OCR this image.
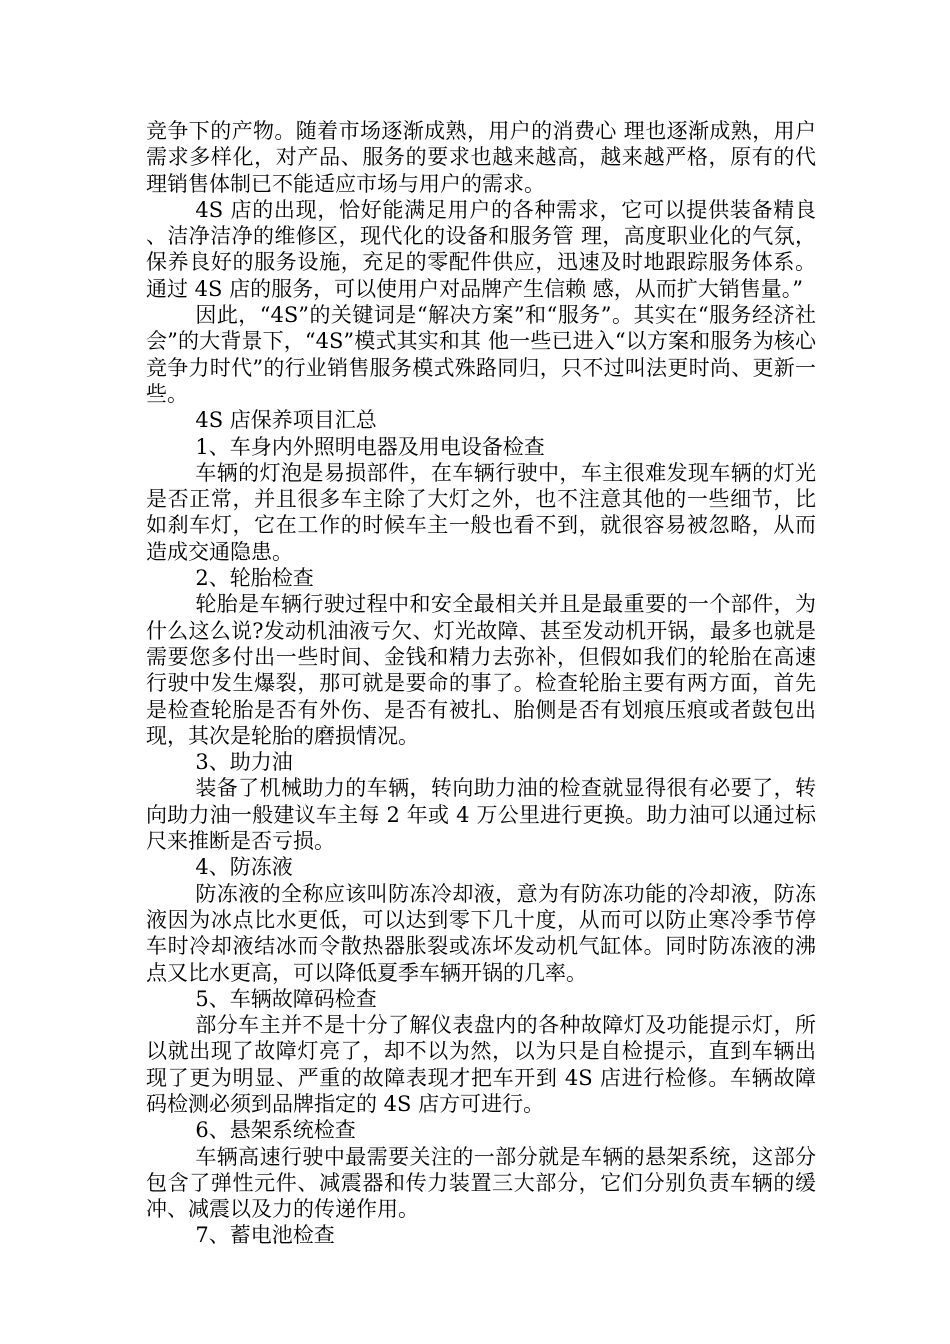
竞争下的产物。随着市场逐渐成熟，用户的消费心 理也逐渐成熟，用户需求多样化，对产品、服务的要求也越来越高，越来越严格，原有的代理销售体制已不能适应市场与用户的需求。

4S 店的出现，恰好能满足用户的各种需求，它可以提供装备精良、洁净洁净的维修区，现代化的设备和服务管 理，高度职业化的气氛，保养良好的服务设施，充足的零配件供应，迅速及时地跟踪服务体系。通过 4S 店的服务，可以使用户对品牌产生信赖 感，从而扩大销售量。”

因此，“4S”的关键词是“解决方案”和“服务”。其实在“服务经济社会”的大背景下，“4S”模式其实和其 他一些已进入“以方案和服务为核心竞争力时代”的行业销售服务模式殊路同归，只不过叫法更时尚、更新一些。

4S 店保养项目汇总

1、车身内外照明电器及用电设备检查

车辆的灯泡是易损部件，在车辆行驶中，车主很难发现车辆的灯光是否正常，并且很多车主除了大灯之外，也不注意其他的一些细节，比如刹车灯，它在工作的时候车主一般也看不到，就很容易被忽略，从而造成交通隐患。

2、轮胎检查

轮胎是车辆行驶过程中和安全最相关并且是最重要的一个部件，为什么这么说?发动机油液亏欠、灯光故障、甚至发动机开锅，最多也就是需要您多付出一些时间、金钱和精力去弥补，但假如我们的轮胎在高速行驶中发生爆裂，那可就是要命的事了。检查轮胎主要有两方面，首先是检查轮胎是否有外伤、是否有被扎、胎侧是否有划痕压痕或者鼓包出现，其次是轮胎的磨损情况。

3、助力油

装备了机械助力的车辆，转向助力油的检查就显得很有必要了，转向助力油一般建议车主每 2 年或 4 万公里进行更换。助力油可以通过标尺来推断是否亏损。

4、防冻液

防冻液的全称应该叫防冻冷却液，意为有防冻功能的冷却液，防冻液因为冰点比水更低，可以达到零下几十度，从而可以防止寒冷季节停车时冷却液结冰而令散热器胀裂或冻坏发动机气缸体。同时防冻液的沸点又比水更高，可以降低夏季车辆开锅的几率。

5、车辆故障码检查

部分车主并不是十分了解仪表盘内的各种故障灯及功能提示灯，所以就出现了故障灯亮了，却不以为然，以为只是自检提示，直到车辆出现了更为明显、严重的故障表现才把车开到 4S 店进行检修。车辆故障码检测必须到品牌指定的 4S 店方可进行。

6、悬架系统检查

车辆高速行驶中最需要关注的一部分就是车辆的悬架系统，这部分包含了弹性元件、减震器和传力装置三大部分，它们分别负责车辆的缓冲、减震以及力的传递作用。

7、蓄电池检查
